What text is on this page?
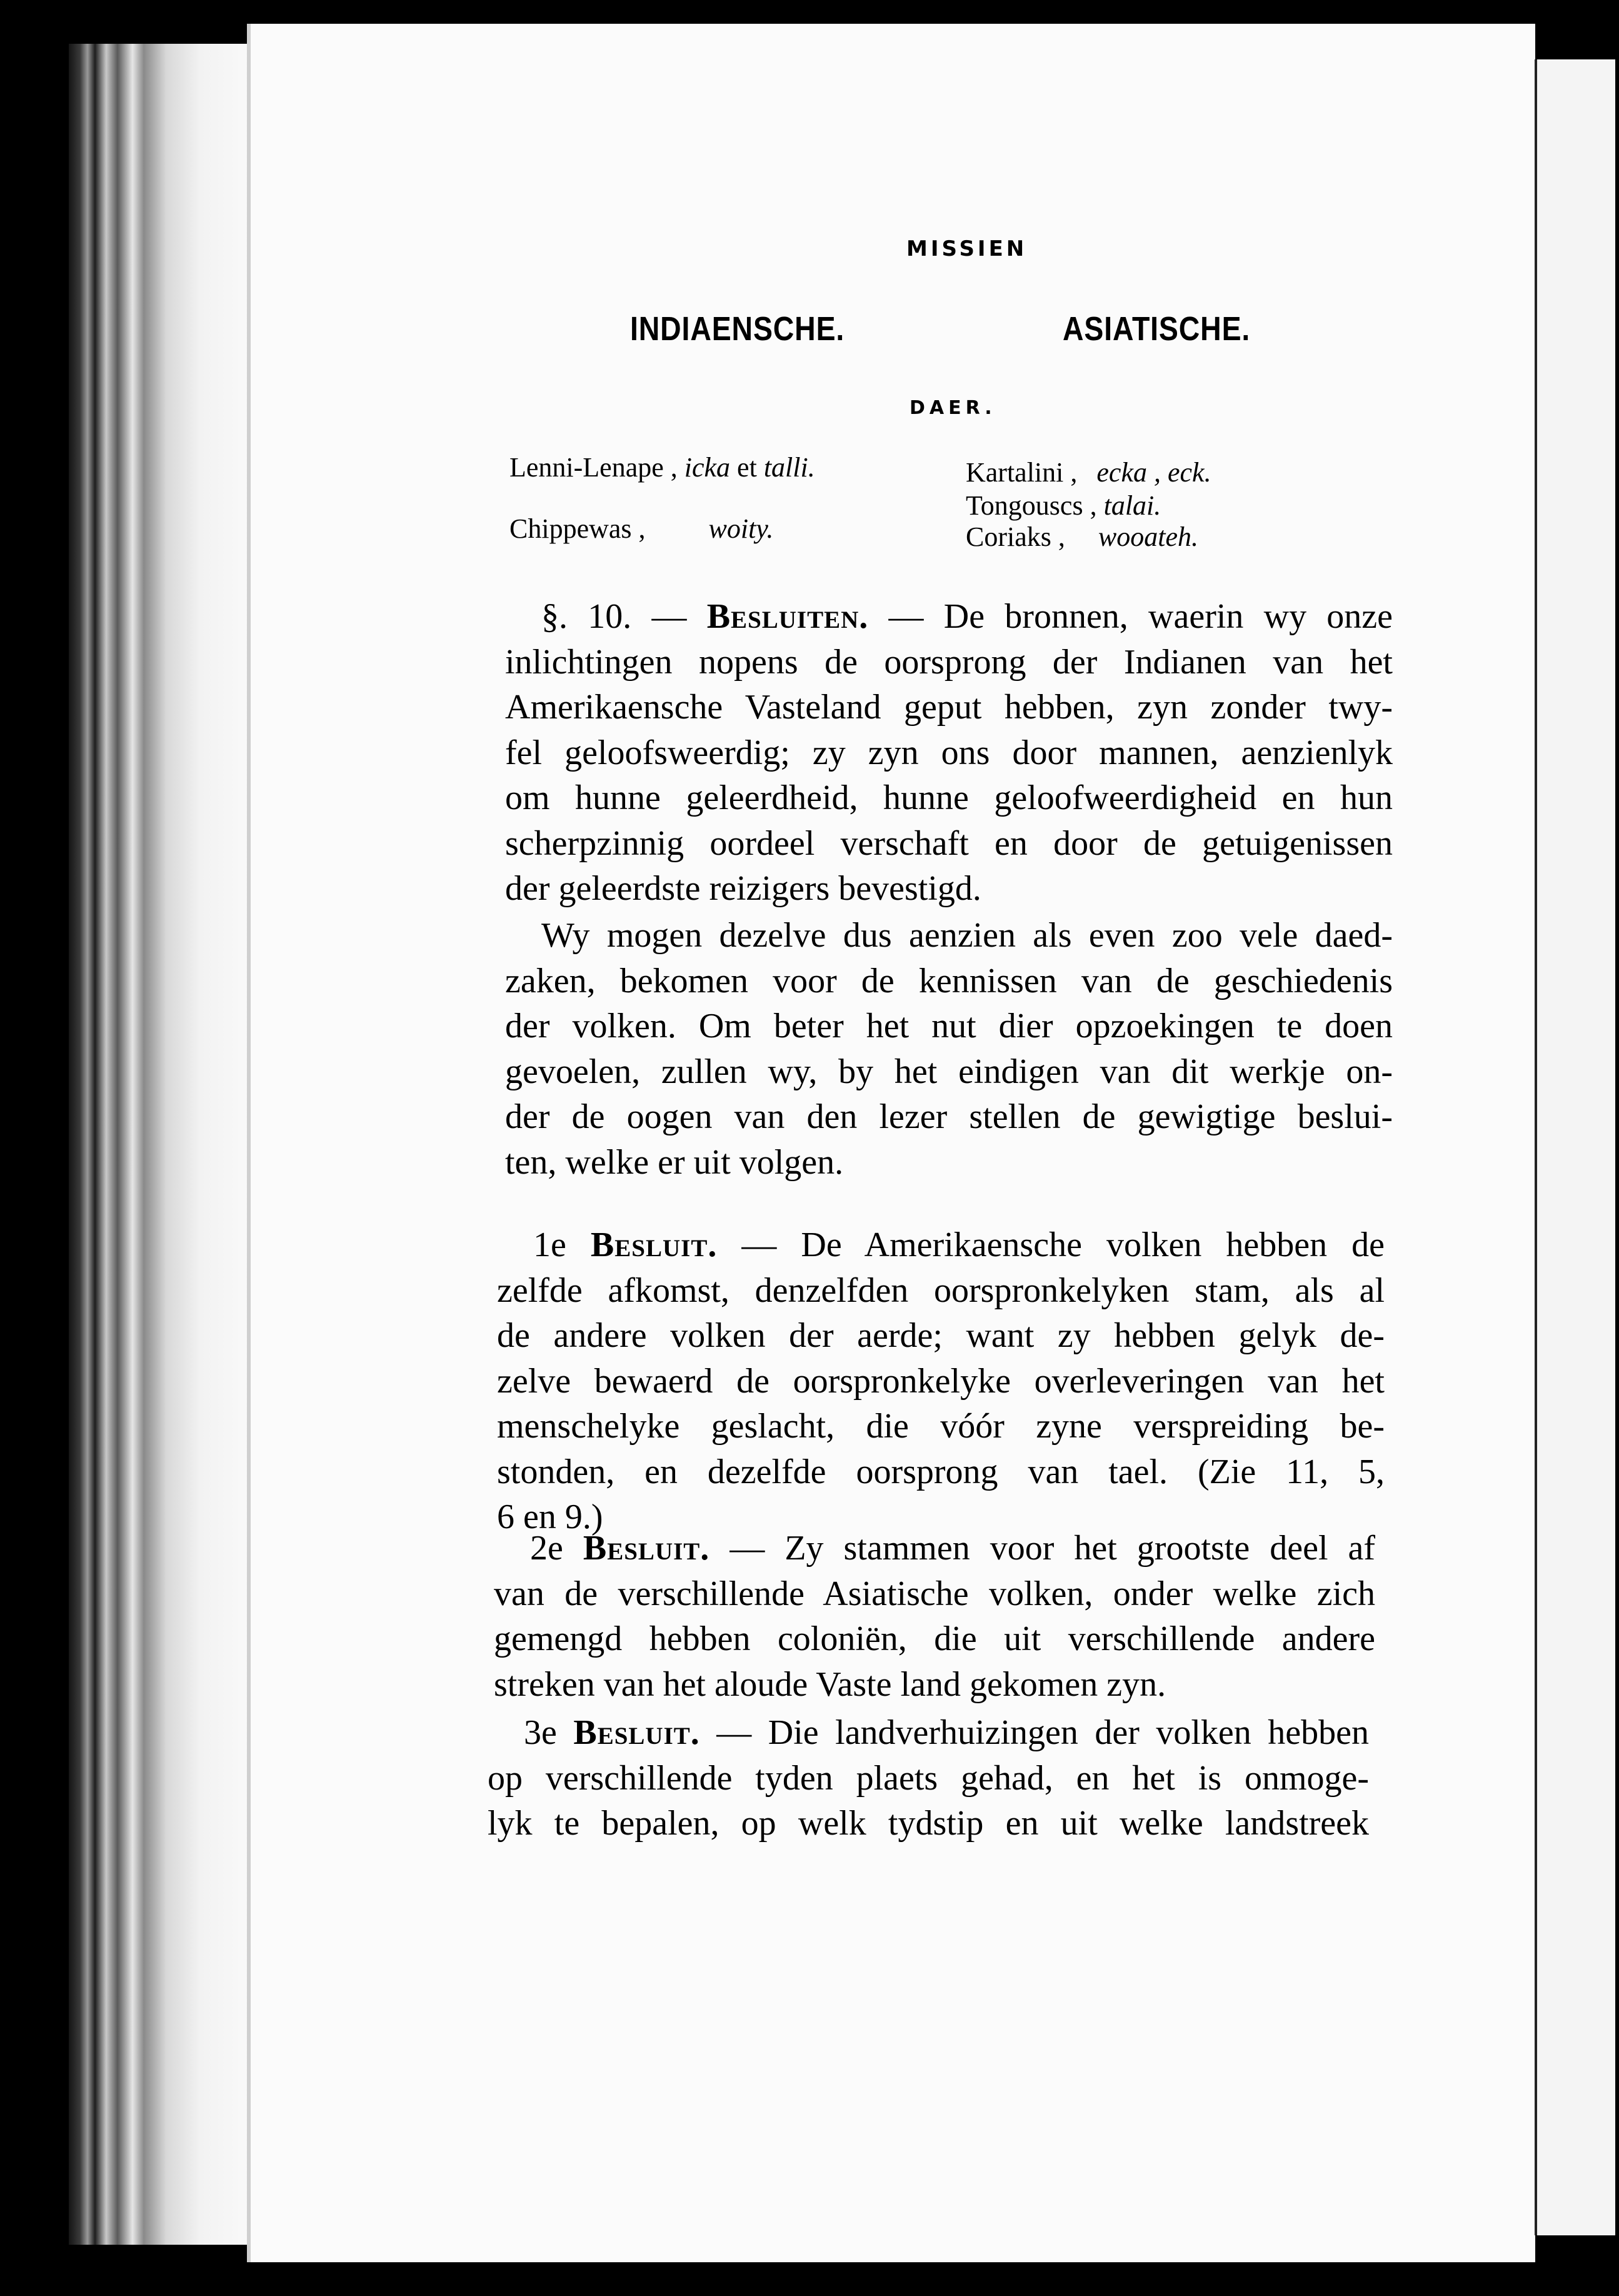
MISSIEN
INDIAENSCHE.	ASIATISCHE.
DAER.
Lenni-Lenape , icka et talli.
Chippewas , woity.
Kartalini , ecka , eck.
Tongouscs , talai.
Coriaks , wooateh.
§. 10. — Besluiten. — De bronnen, waerin wy onze
inlichtingen nopens de oorsprong der Indianen van het
Amerikaensche Vasteland geput hebben, zyn zonder twy-
fel geloofsweerdig; zy zyn ons door mannen, aenzienlyk
om hunne geleerdheid, hunne geloofweerdigheid en hun
scherpzinnig oordeel verschaft en door de getuigenissen
der geleerdste reizigers bevestigd.
Wy mogen dezelve dus aenzien als even zoo vele daed-
zaken, bekomen voor de kennissen van de geschiedenis
der volken. Om beter het nut dier opzoekingen te doen
gevoelen, zullen wy, by het eindigen van dit werkje on-
der de oogen van den lezer stellen de gewigtige beslui-
ten, welke er uit volgen.
1e Besluit. — De Amerikaensche volken hebben de
zelfde afkomst, denzelfden oorspronkelyken stam, als al
de andere volken der aerde; want zy hebben gelyk de-
zelve bewaerd de oorspronkelyke overleveringen van het
menschelyke geslacht, die vóór zyne verspreiding be-
stonden, en dezelfde oorsprong van tael. (Zie 11, 5,
6 en 9.)
2e Besluit. — Zy stammen voor het grootste deel af
van de verschillende Asiatische volken, onder welke zich
gemengd hebben coloniën, die uit verschillende andere
streken van het aloude Vaste land gekomen zyn.
3e Besluit. — Die landverhuizingen der volken hebben
op verschillende tyden plaets gehad, en het is onmoge-
lyk te bepalen, op welk tydstip en uit welke landstreek
